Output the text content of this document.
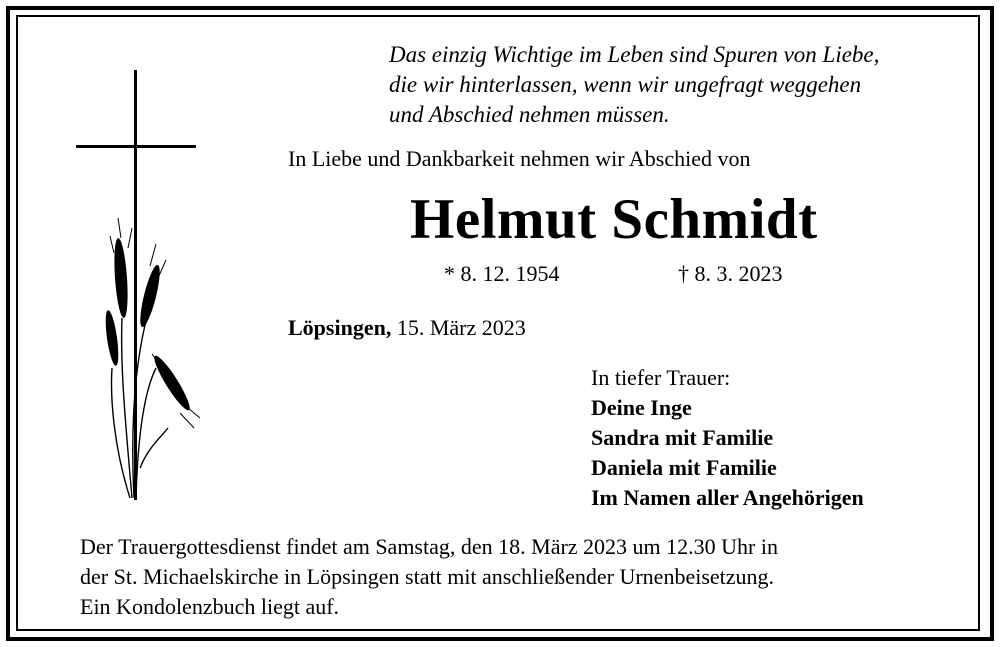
Das einzig Wichtige im Leben sind Spuren von Liebe,
die wir hinterlassen, wenn wir ungefragt weggehen
und Abschied nehmen müssen.
In Liebe und Dankbarkeit nehmen wir Abschied von
Helmut Schmidt
* 8. 12. 1954	† 8. 3. 2023
Löpsingen, 15. März 2023
In tiefer Trauer:
Deine Inge
Sandra mit Familie
Daniela mit Familie
Im Namen aller Angehörigen
Der Trauergottesdienst findet am Samstag, den 18. März 2023 um 12.30 Uhr in
der St. Michaelskirche in Löpsingen statt mit anschließender Urnenbeisetzung.
Ein Kondolenzbuch liegt auf.
